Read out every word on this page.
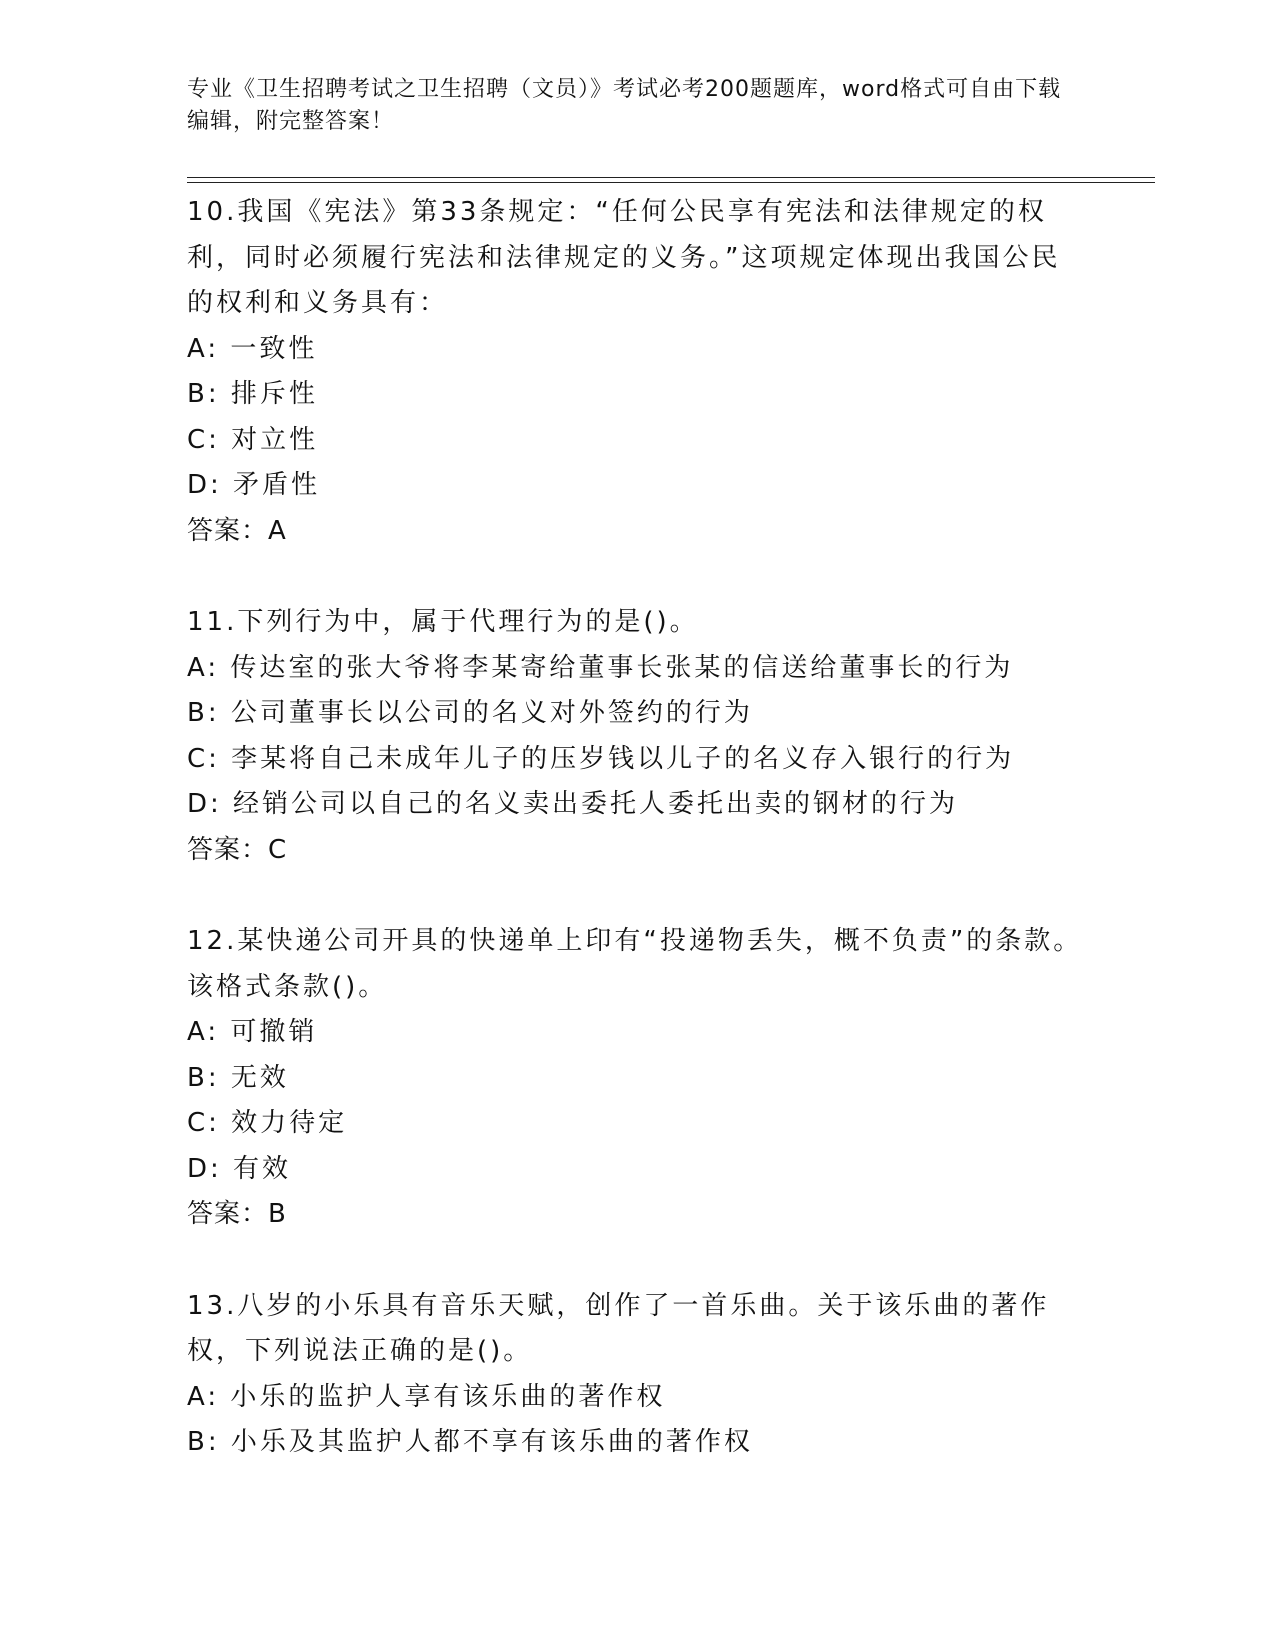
专业《卫生招聘考试之卫生招聘（文员）》考试必考200题题库，word格式可自由下载编辑，附完整答案！

10.我国《宪法》第33条规定：“任何公民享有宪法和法律规定的权利，同时必须履行宪法和法律规定的义务。”这项规定体现出我国公民的权利和义务具有：

A: 一致性

B: 排斥性

C: 对立性

D: 矛盾性

答案：A

11.下列行为中，属于代理行为的是()。

A: 传达室的张大爷将李某寄给董事长张某的信送给董事长的行为

B: 公司董事长以公司的名义对外签约的行为

C: 李某将自己未成年儿子的压岁钱以儿子的名义存入银行的行为

D: 经销公司以自己的名义卖出委托人委托出卖的钢材的行为

答案：C

12.某快递公司开具的快递单上印有“投递物丢失，概不负责”的条款。该格式条款()。

A: 可撤销

B: 无效

C: 效力待定

D: 有效

答案：B

13.八岁的小乐具有音乐天赋，创作了一首乐曲。关于该乐曲的著作权，下列说法正确的是()。

A: 小乐的监护人享有该乐曲的著作权

B: 小乐及其监护人都不享有该乐曲的著作权
